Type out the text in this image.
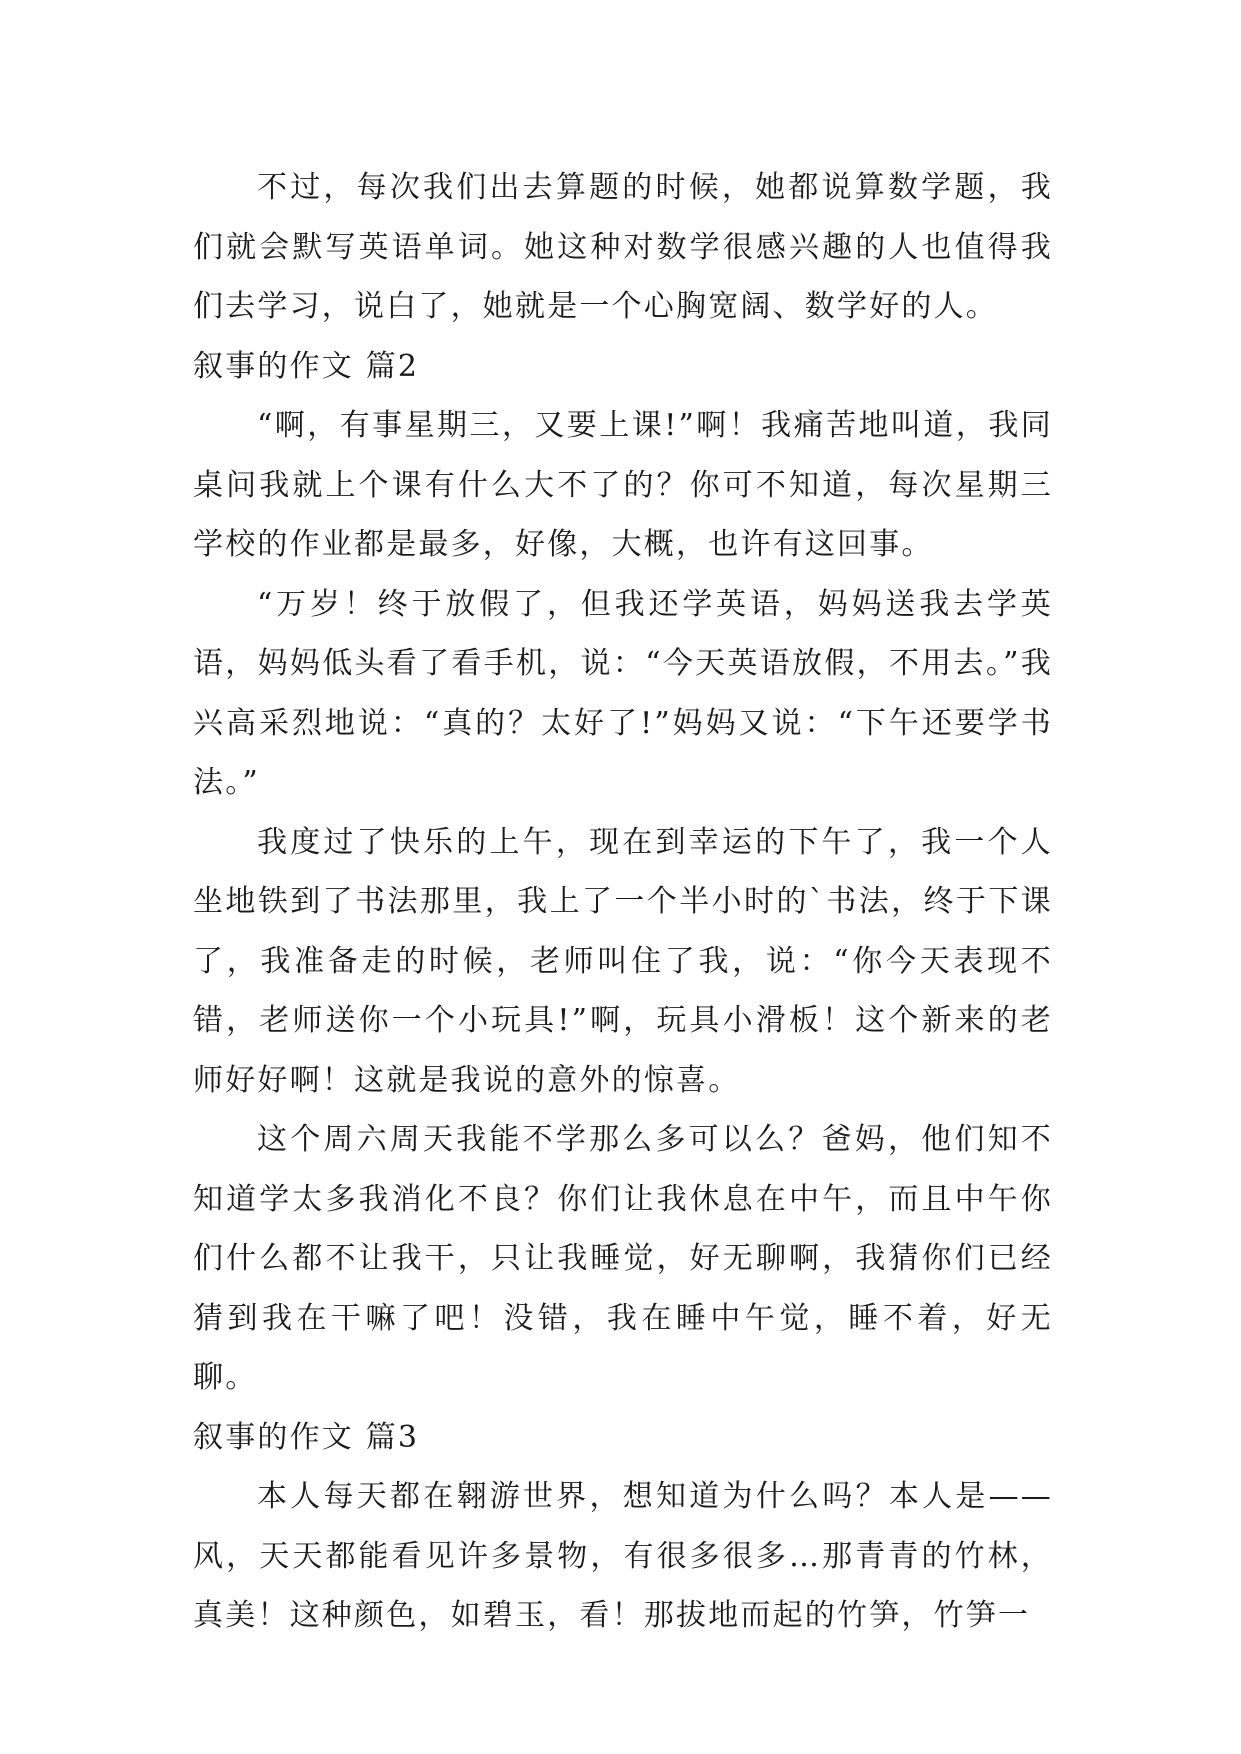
不过，每次我们出去算题的时候，她都说算数学题，我们就会默写英语单词。她这种对数学很感兴趣的人也值得我们去学习，说白了，她就是一个心胸宽阔、数学好的人。

叙事的作文 篇2

“啊，有事星期三，又要上课!”啊！我痛苦地叫道，我同桌问我就上个课有什么大不了的？你可不知道，每次星期三学校的作业都是最多，好像，大概，也许有这回事。

“万岁！终于放假了，但我还学英语，妈妈送我去学英语，妈妈低头看了看手机，说：“今天英语放假，不用去。”我兴高采烈地说：“真的？太好了!”妈妈又说：“下午还要学书法。”

我度过了快乐的上午，现在到幸运的下午了，我一个人坐地铁到了书法那里，我上了一个半小时的`书法，终于下课了，我准备走的时候，老师叫住了我，说：“你今天表现不错，老师送你一个小玩具!”啊，玩具小滑板！这个新来的老师好好啊！这就是我说的意外的惊喜。

这个周六周天我能不学那么多可以么？爸妈，他们知不知道学太多我消化不良？你们让我休息在中午，而且中午你们什么都不让我干，只让我睡觉，好无聊啊，我猜你们已经猜到我在干嘛了吧！没错，我在睡中午觉，睡不着，好无聊。

叙事的作文 篇3

本人每天都在翱游世界，想知道为什么吗？本人是——风，天天都能看见许多景物，有很多很多…那青青的竹林，真美！这种颜色，如碧玉，看！那拔地而起的竹笋，竹笋一
